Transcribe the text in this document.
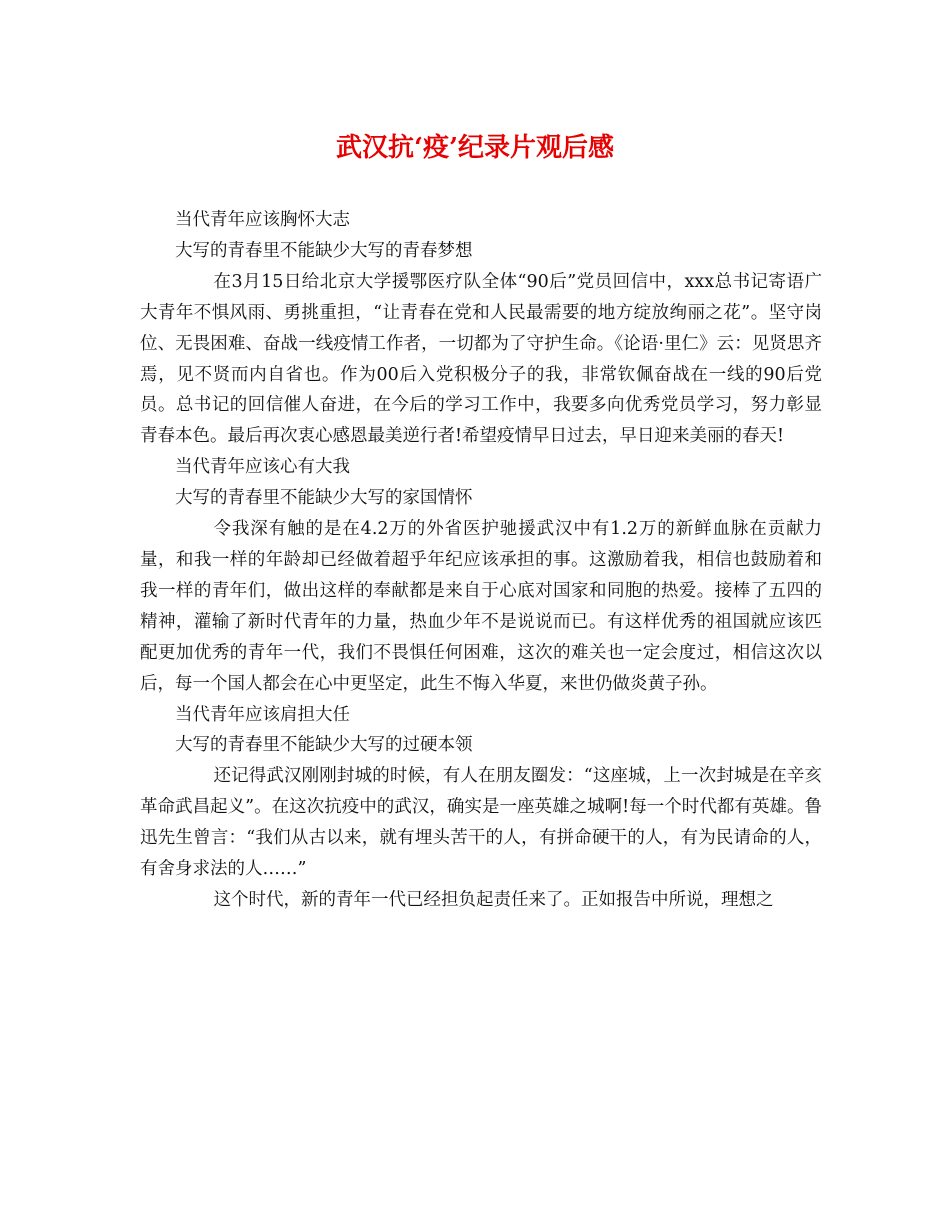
武汉抗‘疫’纪录片观后感

当代青年应该胸怀大志

大写的青春里不能缺少大写的青春梦想

在3月15日给北京大学援鄂医疗队全体“90后”党员回信中，xxx总书记寄语广大青年不惧风雨、勇挑重担，“让青春在党和人民最需要的地方绽放绚丽之花”。坚守岗位、无畏困难、奋战一线疫情工作者，一切都为了守护生命。《论语·里仁》云：见贤思齐焉，见不贤而内自省也。作为00后入党积极分子的我，非常钦佩奋战在一线的90后党员。总书记的回信催人奋进，在今后的学习工作中，我要多向优秀党员学习，努力彰显青春本色。最后再次衷心感恩最美逆行者!希望疫情早日过去，早日迎来美丽的春天!

当代青年应该心有大我

大写的青春里不能缺少大写的家国情怀

令我深有触的是在4.2万的外省医护驰援武汉中有1.2万的新鲜血脉在贡献力量，和我一样的年龄却已经做着超乎年纪应该承担的事。这激励着我，相信也鼓励着和我一样的青年们，做出这样的奉献都是来自于心底对国家和同胞的热爱。接棒了五四的精神，灌输了新时代青年的力量，热血少年不是说说而已。有这样优秀的祖国就应该匹配更加优秀的青年一代，我们不畏惧任何困难，这次的难关也一定会度过，相信这次以后，每一个国人都会在心中更坚定，此生不悔入华夏，来世仍做炎黄子孙。

当代青年应该肩担大任

大写的青春里不能缺少大写的过硬本领

还记得武汉刚刚封城的时候，有人在朋友圈发：“这座城，上一次封城是在辛亥革命武昌起义”。在这次抗疫中的武汉，确实是一座英雄之城啊!每一个时代都有英雄。鲁迅先生曾言：“我们从古以来，就有埋头苦干的人，有拼命硬干的人，有为民请命的人，有舍身求法的人……”

这个时代，新的青年一代已经担负起责任来了。正如报告中所说，理想之
